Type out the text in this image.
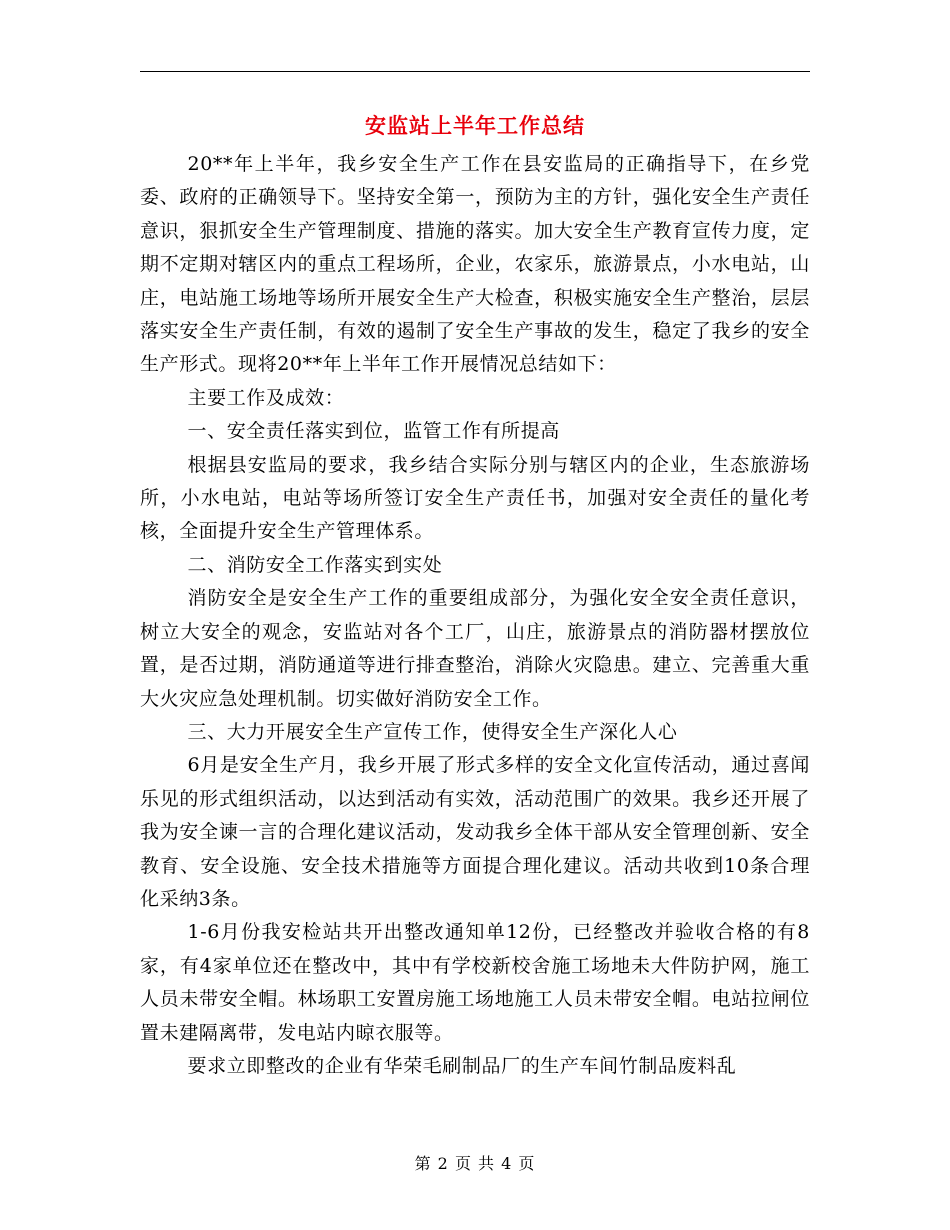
安监站上半年工作总结

20**年上半年，我乡安全生产工作在县安监局的正确指导下，在乡党委、政府的正确领导下。坚持安全第一，预防为主的方针，强化安全生产责任意识，狠抓安全生产管理制度、措施的落实。加大安全生产教育宣传力度，定期不定期对辖区内的重点工程场所，企业，农家乐，旅游景点，小水电站，山庄，电站施工场地等场所开展安全生产大检查，积极实施安全生产整治，层层落实安全生产责任制，有效的遏制了安全生产事故的发生，稳定了我乡的安全生产形式。现将20**年上半年工作开展情况总结如下：

主要工作及成效：

一、安全责任落实到位，监管工作有所提高

根据县安监局的要求，我乡结合实际分别与辖区内的企业，生态旅游场所，小水电站，电站等场所签订安全生产责任书，加强对安全责任的量化考核，全面提升安全生产管理体系。

二、消防安全工作落实到实处

消防安全是安全生产工作的重要组成部分，为强化安全安全责任意识，树立大安全的观念，安监站对各个工厂，山庄，旅游景点的消防器材摆放位置，是否过期，消防通道等进行排查整治，消除火灾隐患。建立、完善重大重大火灾应急处理机制。切实做好消防安全工作。

三、大力开展安全生产宣传工作，使得安全生产深化人心

6月是安全生产月，我乡开展了形式多样的安全文化宣传活动，通过喜闻乐见的形式组织活动，以达到活动有实效，活动范围广的效果。我乡还开展了我为安全谏一言的合理化建议活动，发动我乡全体干部从安全管理创新、安全教育、安全设施、安全技术措施等方面提合理化建议。活动共收到10条合理化采纳3条。

1-6月份我安检站共开出整改通知单12份，已经整改并验收合格的有8家，有4家单位还在整改中，其中有学校新校舍施工场地未大件防护网，施工人员未带安全帽。林场职工安置房施工场地施工人员未带安全帽。电站拉闸位置未建隔离带，发电站内晾衣服等。

要求立即整改的企业有华荣毛刷制品厂的生产车间竹制品废料乱

第 2 页 共 4 页
